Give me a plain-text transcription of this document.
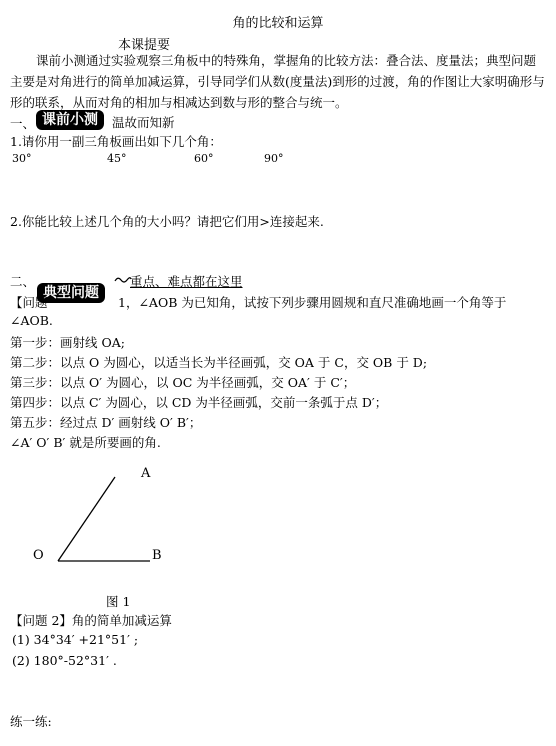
角的比较和运算
本课提要
课前小测通过实验观察三角板中的特殊角，掌握角的比较方法：叠合法、度量法；典型问题主要是对角进行的简单加减运算，引导同学们从数(度量法)到形的过渡，角的作图让大家明确形与形的联系，从而对角的相加与相减达到数与形的整合与统一。
一、 课前小测	温故而知新
1.请你用一副三角板画出如下几个角：
30°	45°	60°	90°
2.你能比较上述几个角的大小吗？请把它们用>连接起来.
二、
典型问题
重点、难点都在这里
【问题	1，∠AOB 为已知角，试按下列步骤用圆规和直尺准确地画一个角等于
∠AOB.
第一步：画射线 OA;
第二步：以点 O 为圆心，以适当长为半径画弧，交 OA 于 C，交 OB 于 D;
第三步：以点 O′ 为圆心，以 OC 为半径画弧，交 OA′ 于 C′；
第四步：以点 C′ 为圆心，以 CD 为半径画弧，交前一条弧于点 D′；
第五步：经过点 D′ 画射线 O′ B′；
∠A′ O′ B′ 就是所要画的角.
A
O	B
图 1
【问题 2】角的简单加减运算
(1) 34°34′ +21°51′ ;
(2) 180°-52°31′ .
练一练:
